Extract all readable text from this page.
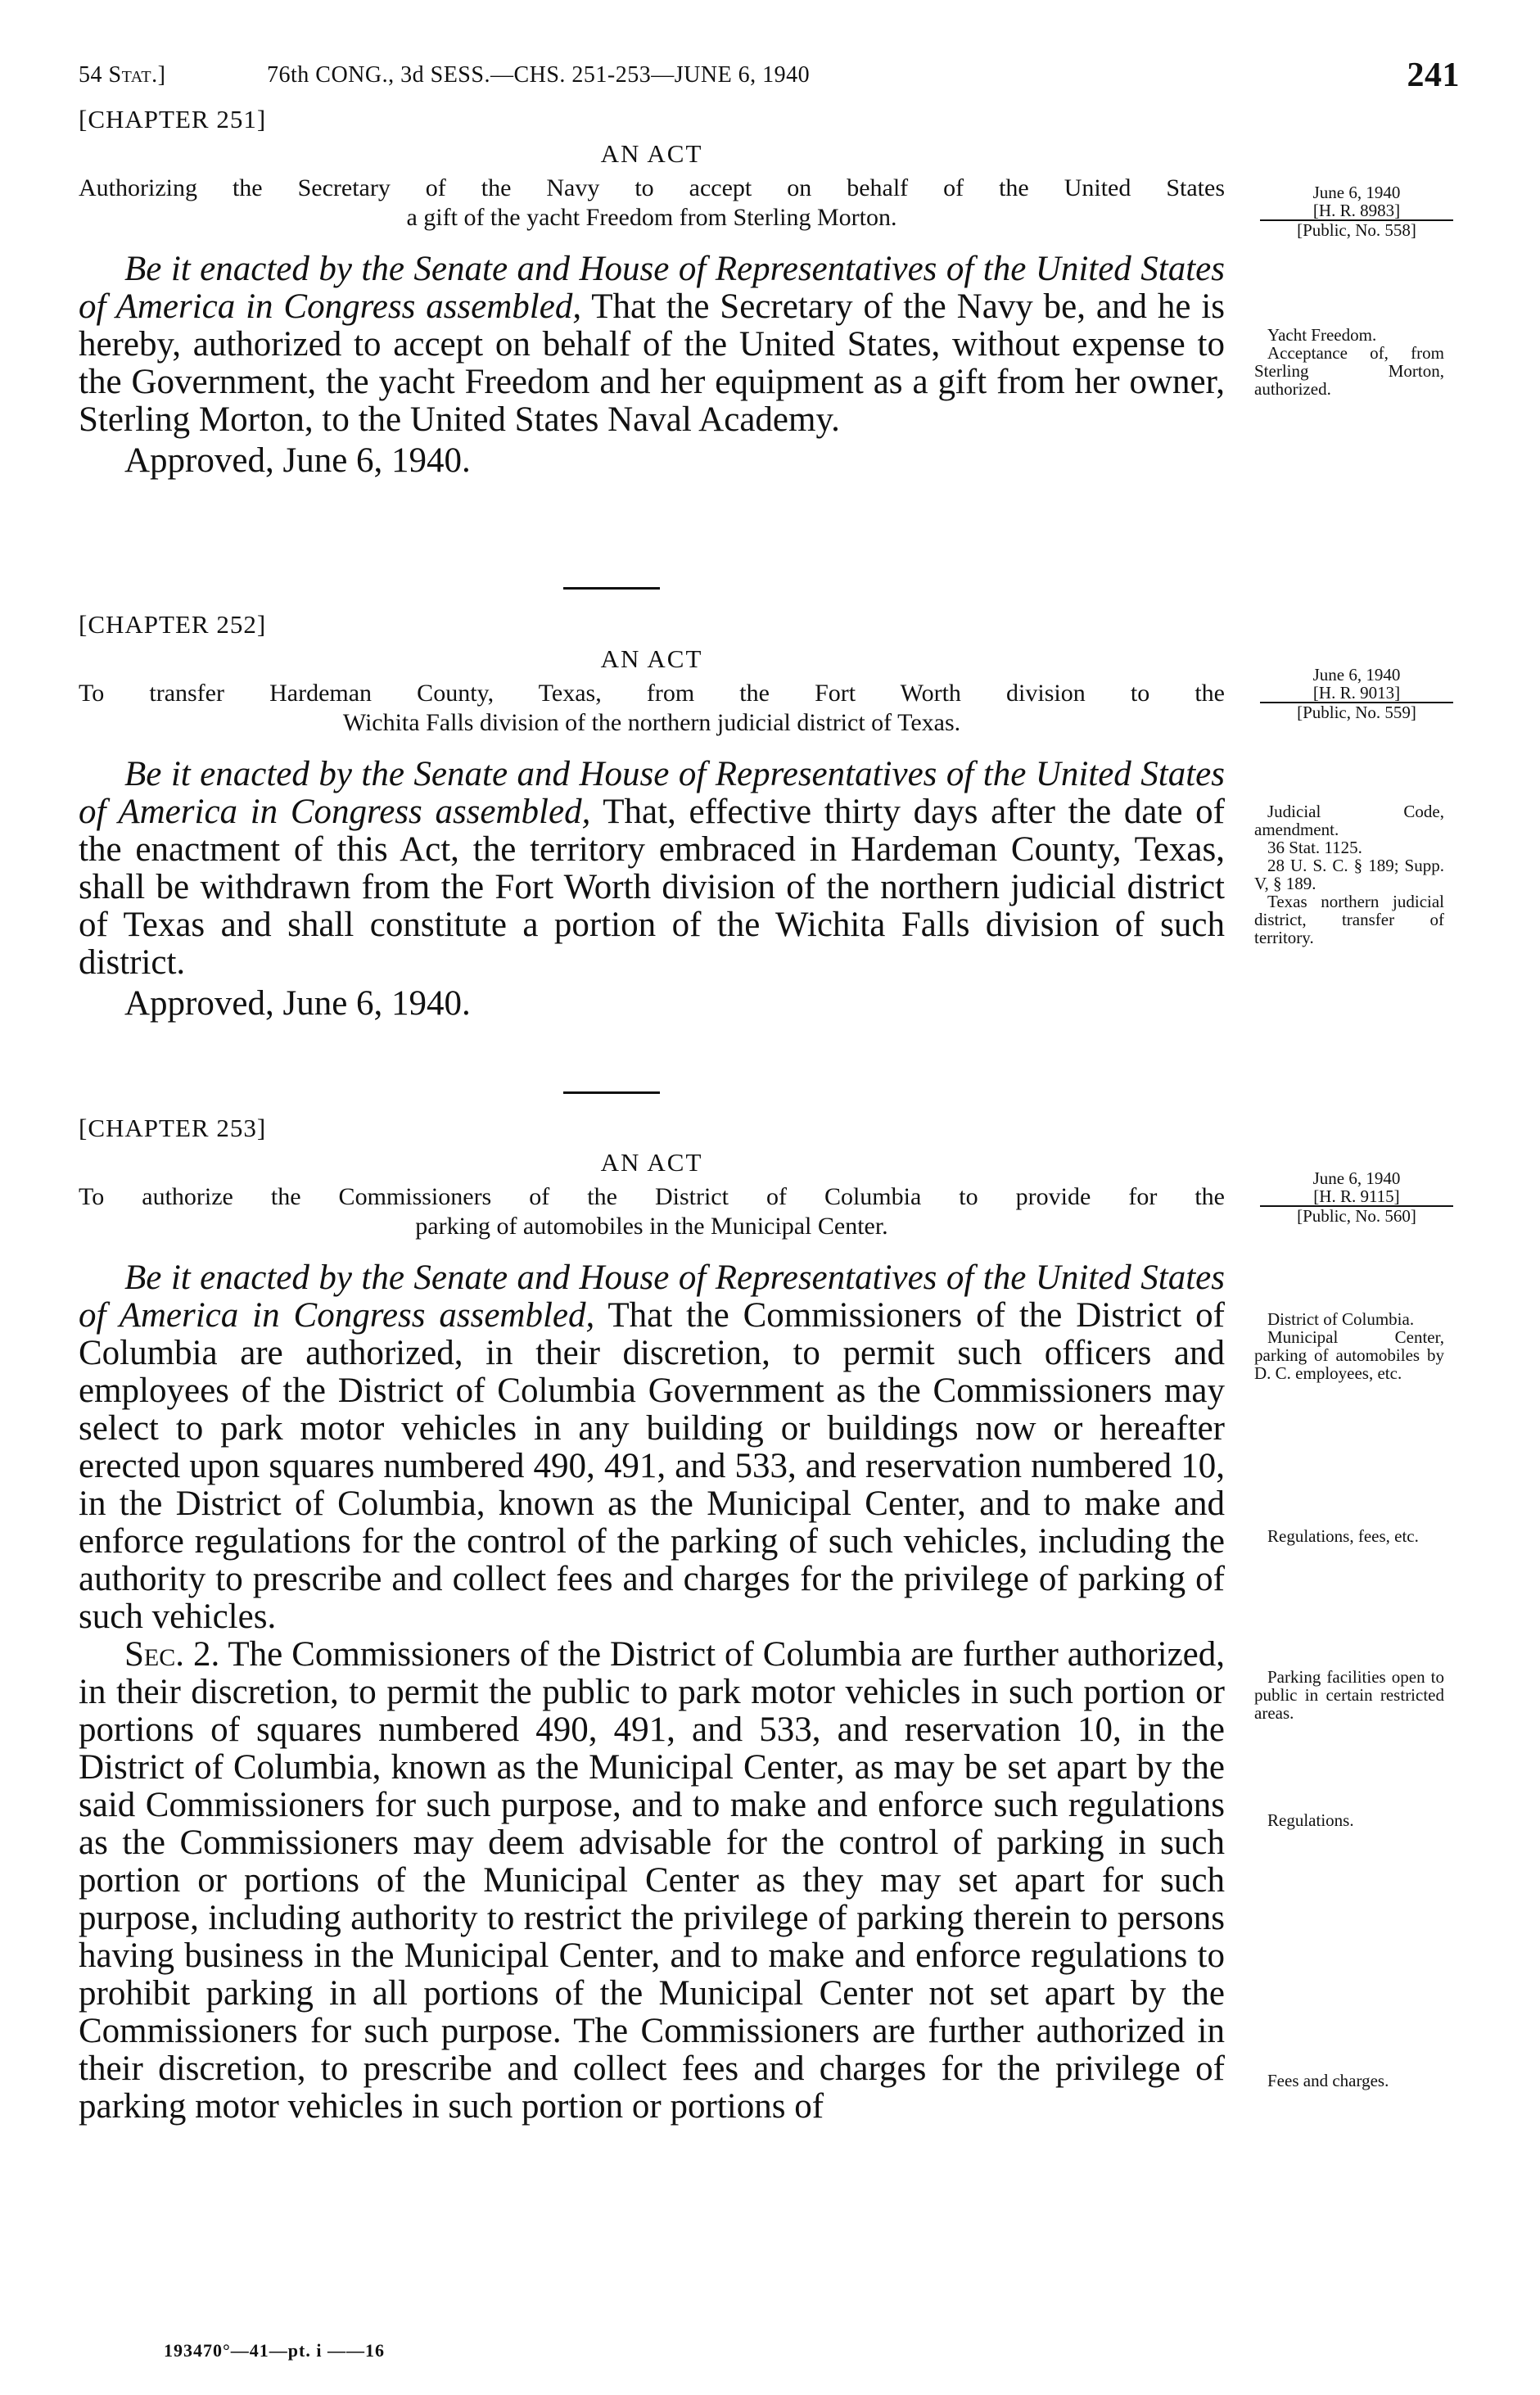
54 Stat.]	76th CONG., 3d SESS.—CHS. 251-253—JUNE 6, 1940	241
[CHAPTER 251]
AN ACT
Authorizing the Secretary of the Navy to accept on behalf of the United States
a gift of the yacht Freedom from Sterling Morton.
June 6, 1940
[H. R. 8983]
[Public, No. 558]

Be it enacted by the Senate and House of Representatives of the United States of America in Congress assembled, That the Secretary of the Navy be, and he is hereby, authorized to accept on behalf of the United States, without expense to the Government, the yacht Freedom and her equipment as a gift from her owner, Sterling Morton, to the United States Naval Academy.

Approved, June 6, 1940.

Yacht Freedom.
Acceptance of, from Sterling Morton, authorized.
[CHAPTER 252]
AN ACT
To transfer Hardeman County, Texas, from the Fort Worth division to the
Wichita Falls division of the northern judicial district of Texas.
June 6, 1940
[H. R. 9013]
[Public, No. 559]

Be it enacted by the Senate and House of Representatives of the United States of America in Congress assembled, That, effective thirty days after the date of the enactment of this Act, the territory embraced in Hardeman County, Texas, shall be withdrawn from the Fort Worth division of the northern judicial district of Texas and shall constitute a portion of the Wichita Falls division of such district.

Approved, June 6, 1940.

Judicial Code, amendment.
36 Stat. 1125.
28 U. S. C. § 189; Supp. V, § 189.
Texas northern judicial district, transfer of territory.
[CHAPTER 253]
AN ACT
To authorize the Commissioners of the District of Columbia to provide for the
parking of automobiles in the Municipal Center.
June 6, 1940
[H. R. 9115]
[Public, No. 560]

Be it enacted by the Senate and House of Representatives of the United States of America in Congress assembled, That the Commissioners of the District of Columbia are authorized, in their discretion, to permit such officers and employees of the District of Columbia Government as the Commissioners may select to park motor vehicles in any building or buildings now or hereafter erected upon squares numbered 490, 491, and 533, and reservation numbered 10, in the District of Columbia, known as the Municipal Center, and to make and enforce regulations for the control of the parking of such vehicles, including the authority to prescribe and collect fees and charges for the privilege of parking of such vehicles.

Sec. 2. The Commissioners of the District of Columbia are further authorized, in their discretion, to permit the public to park motor vehicles in such portion or portions of squares numbered 490, 491, and 533, and reservation 10, in the District of Columbia, known as the Municipal Center, as may be set apart by the said Commissioners for such purpose, and to make and enforce such regulations as the Commissioners may deem advisable for the control of parking in such portion or portions of the Municipal Center as they may set apart for such purpose, including authority to restrict the privilege of parking therein to persons having business in the Municipal Center, and to make and enforce regulations to prohibit parking in all portions of the Municipal Center not set apart by the Commissioners for such purpose. The Commissioners are further authorized in their discretion, to prescribe and collect fees and charges for the privilege of parking motor vehicles in such portion or portions of

District of Columbia.
Municipal Center, parking of automobiles by D. C. employees, etc.
Regulations, fees, etc.
Parking facilities open to public in certain restricted areas.
Regulations.
Fees and charges.
193470°—41—pt. i ——16
